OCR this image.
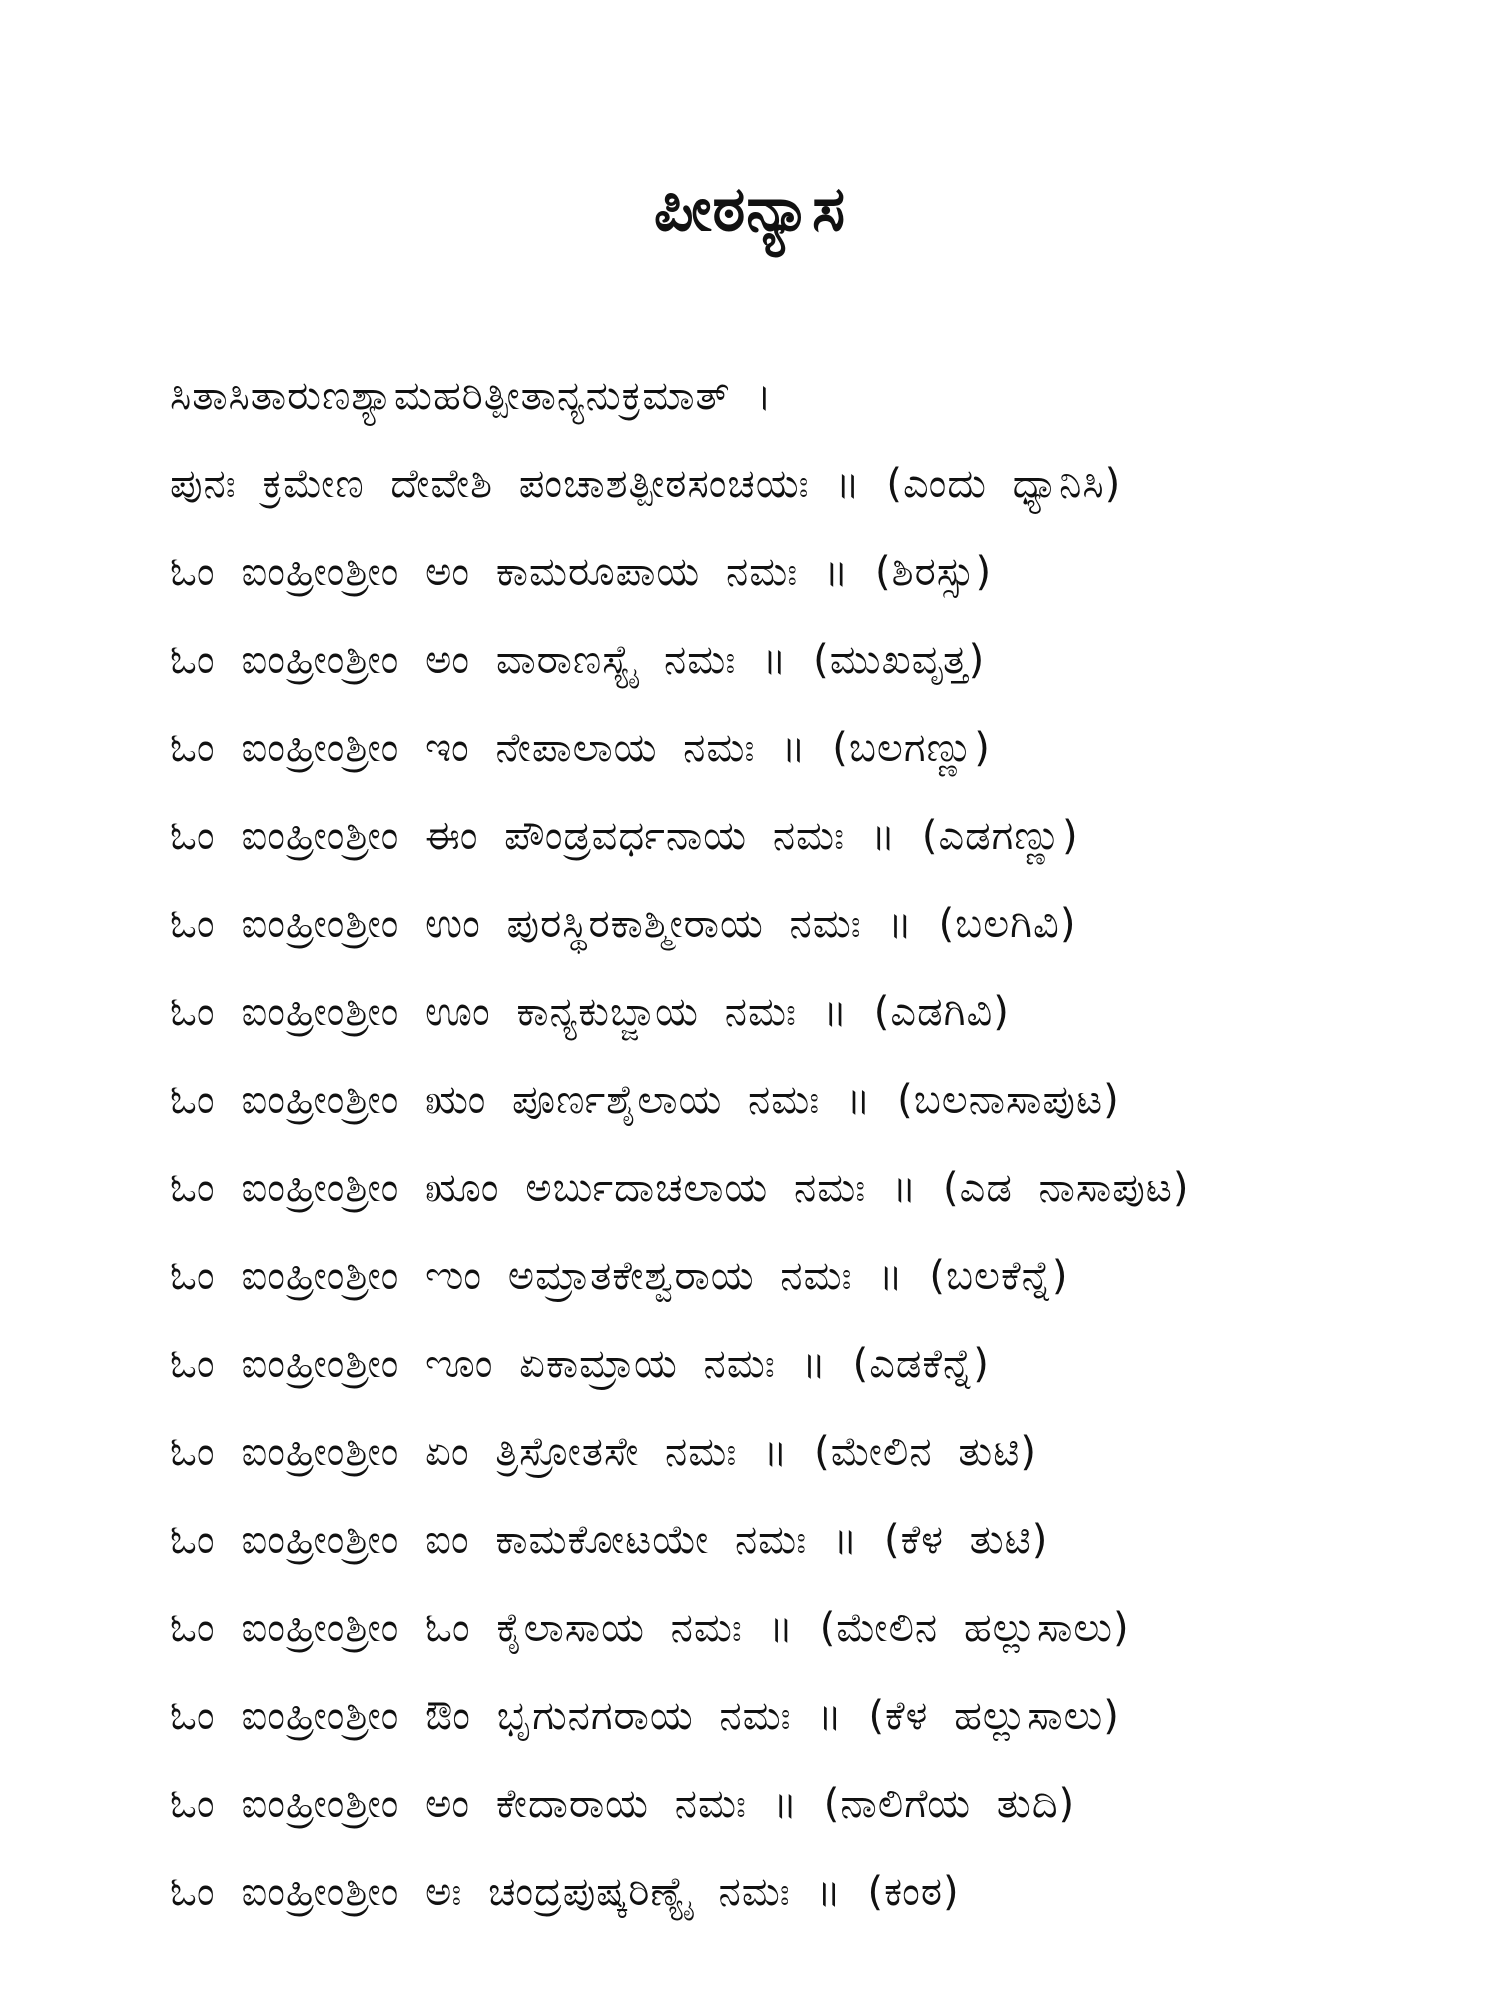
ಪೀಠನ್ಯಾಸ
ಸಿತಾಸಿತಾರುಣಶ್ಯಾಮಹರಿತ್ಪೀತಾನ್ಯನುಕ್ರಮಾತ್ ।
ಪುನಃ ಕ್ರಮೇಣ ದೇವೇಶಿ ಪಂಚಾಶತ್ಪೀಠಸಂಚಯಃ ॥ (ಎಂದು ಧ್ಯಾನಿಸಿ)
ಓಂ ಐಂಹ್ರೀಂಶ್ರೀಂ ಅಂ ಕಾಮರೂಪಾಯ ನಮಃ ॥ (ಶಿರಸ್ಸು)
ಓಂ ಐಂಹ್ರೀಂಶ್ರೀಂ ಅಂ ವಾರಾಣಸ್ಯೈ ನಮಃ ॥ (ಮುಖವೃತ್ತ)
ಓಂ ಐಂಹ್ರೀಂಶ್ರೀಂ ಇಂ ನೇಪಾಲಾಯ ನಮಃ ॥ (ಬಲಗಣ್ಣು)
ಓಂ ಐಂಹ್ರೀಂಶ್ರೀಂ ಈಂ ಪೌಂಡ್ರವರ್ಧನಾಯ ನಮಃ ॥ (ಎಡಗಣ್ಣು)
ಓಂ ಐಂಹ್ರೀಂಶ್ರೀಂ ಉಂ ಪುರಸ್ಥಿರಕಾಶ್ಮೀರಾಯ ನಮಃ ॥ (ಬಲಗಿವಿ)
ಓಂ ಐಂಹ್ರೀಂಶ್ರೀಂ ಊಂ ಕಾನ್ಯಕುಬ್ಜಾಯ ನಮಃ ॥ (ಎಡಗಿವಿ)
ಓಂ ಐಂಹ್ರೀಂಶ್ರೀಂ ಋಂ ಪೂರ್ಣಶೈಲಾಯ ನಮಃ ॥ (ಬಲನಾಸಾಪುಟ)
ಓಂ ಐಂಹ್ರೀಂಶ್ರೀಂ ೠಂ ಅರ್ಬುದಾಚಲಾಯ ನಮಃ ॥ (ಎಡ ನಾಸಾಪುಟ)
ಓಂ ಐಂಹ್ರೀಂಶ್ರೀಂ ಌಂ ಅಮ್ರಾತಕೇಶ್ವರಾಯ ನಮಃ ॥ (ಬಲಕೆನ್ನೆ)
ಓಂ ಐಂಹ್ರೀಂಶ್ರೀಂ ೡಂ ಏಕಾಮ್ರಾಯ ನಮಃ ॥ (ಎಡಕೆನ್ನೆ)
ಓಂ ಐಂಹ್ರೀಂಶ್ರೀಂ ಏಂ ತ್ರಿಸ್ರೋತಸೇ ನಮಃ ॥ (ಮೇಲಿನ ತುಟಿ)
ಓಂ ಐಂಹ್ರೀಂಶ್ರೀಂ ಐಂ ಕಾಮಕೋಟಯೇ ನಮಃ ॥ (ಕೆಳ ತುಟಿ)
ಓಂ ಐಂಹ್ರೀಂಶ್ರೀಂ ಓಂ ಕೈಲಾಸಾಯ ನಮಃ ॥ (ಮೇಲಿನ ಹಲ್ಲುಸಾಲು)
ಓಂ ಐಂಹ್ರೀಂಶ್ರೀಂ ಔಂ ಭೃಗುನಗರಾಯ ನಮಃ ॥ (ಕೆಳ ಹಲ್ಲುಸಾಲು)
ಓಂ ಐಂಹ್ರೀಂಶ್ರೀಂ ಅಂ ಕೇದಾರಾಯ ನಮಃ ॥ (ನಾಲಿಗೆಯ ತುದಿ)
ಓಂ ಐಂಹ್ರೀಂಶ್ರೀಂ ಅಃ ಚಂದ್ರಪುಷ್ಕರಿಣ್ಯೈ ನಮಃ ॥ (ಕಂಠ)
